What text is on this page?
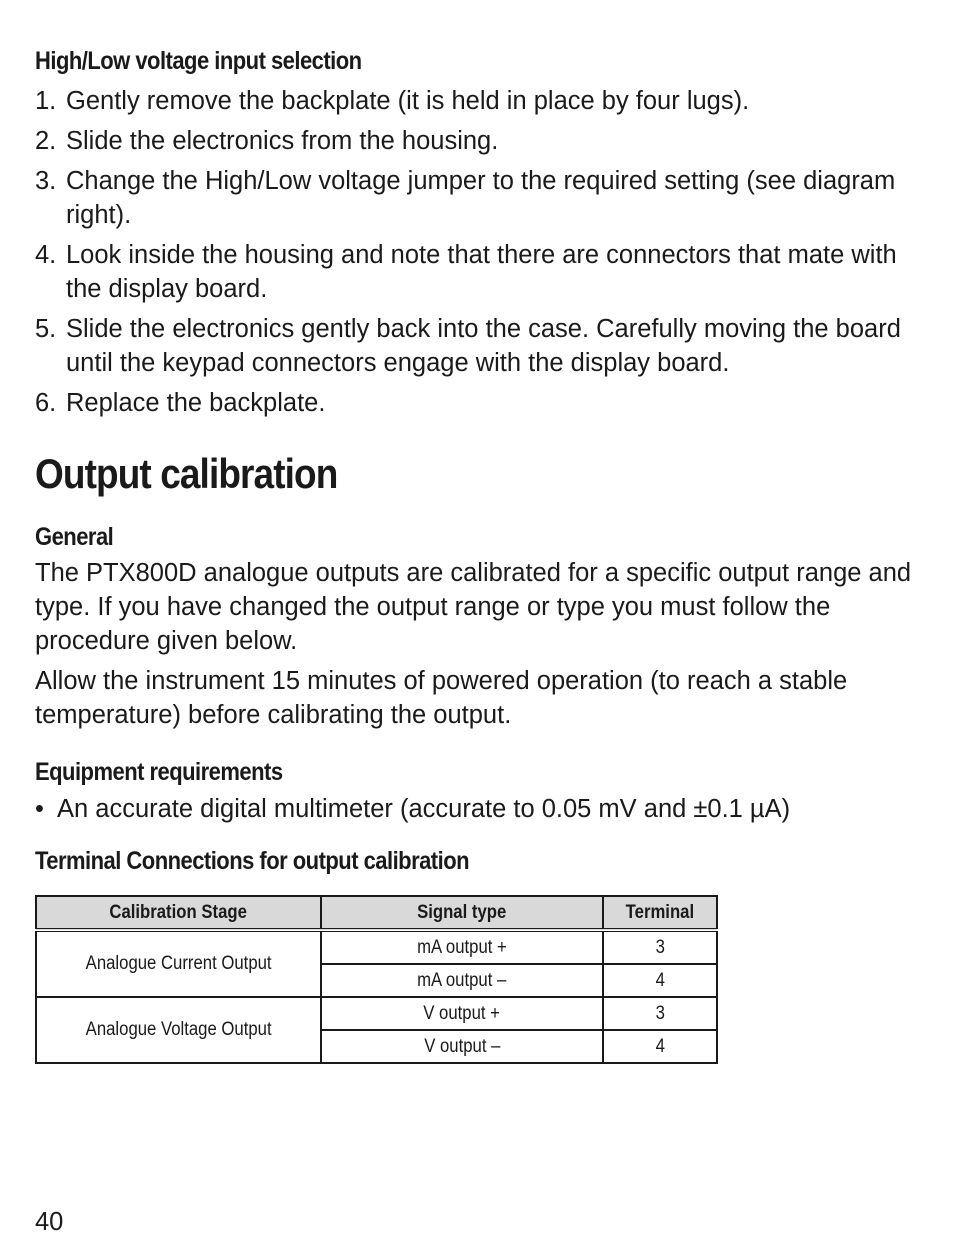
High/Low voltage input selection
1. Gently remove the backplate (it is held in place by four lugs).
2. Slide the electronics from the housing.
3. Change the High/Low voltage jumper to the required setting (see diagram right).
4. Look inside the housing and note that there are connectors that mate with the display board.
5. Slide the electronics gently back into the case. Carefully moving the board until the keypad connectors engage with the display board.
6. Replace the backplate.
Output calibration
General

The PTX800D analogue outputs are calibrated for a specific output range and type. If you have changed the output range or type you must follow the procedure given below.

Allow the instrument 15 minutes of powered operation (to reach a stable temperature) before calibrating the output.

Equipment requirements
• An accurate digital multimeter (accurate to 0.05 mV and ±0.1 µA)
Terminal Connections for output calibration
Calibration Stage	Signal type	Terminal
Analogue Current Output	mA output +	3
	mA output –	4
Analogue Voltage Output	V output +	3
	V output –	4
40
